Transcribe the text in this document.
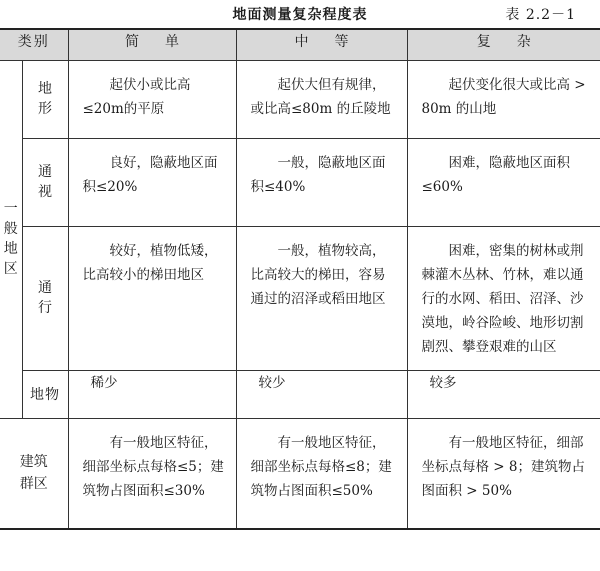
地面测量复杂程度表	表 2.2－1
类别		简单	中等	复杂
一般地区	地形	起伏小或比高≤20m的平原	起伏大但有规律，或比高≤80m 的丘陵地	起伏变化很大或比高 > 80m 的山地
	通视	良好，隐蔽地区面积≤20%	一般，隐蔽地区面积≤40%	困难，隐蔽地区面积≤60%
	通行	较好，植物低矮，比高较小的梯田地区	一般，植物较高，比高较大的梯田，容易通过的沼泽或稻田地区	困难，密集的树林或荆棘灌木丛林、竹林，难以通行的水网、稻田、沼泽、沙漠地，岭谷险峻、地形切割剧烈、攀登艰难的山区
	地物	稀少	较少	较多

建筑
群区		有一般地区特征，细部坐标点每格≤5；建筑物占图面积≤30%	有一般地区特征，细部坐标点每格≤8；建筑物占图面积≤50%	有一般地区特征，细部坐标点每格 > 8；建筑物占图面积 > 50%
